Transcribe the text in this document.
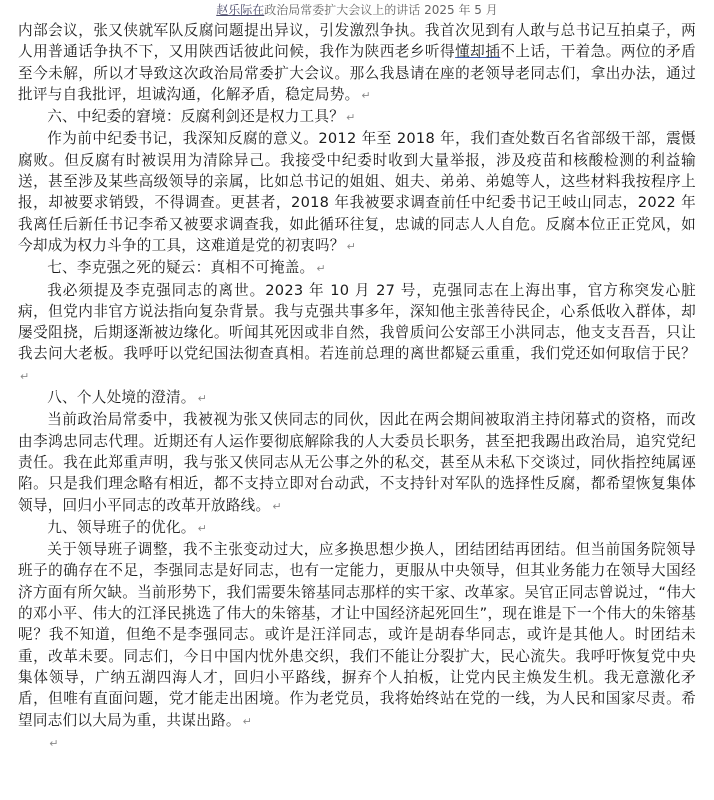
赵乐际在政治局常委扩大会议上的讲话 2025 年 5 月

内部会议，张又侠就军队反腐问题提出异议，引发激烈争执。我首次见到有人敢与总书记互拍桌子，两人用普通话争执不下，又用陕西话彼此问候，我作为陕西老乡听得懂却插不上话，干着急。两位的矛盾至今未解，所以才导致这次政治局常委扩大会议。那么我恳请在座的老领导老同志们，拿出办法，通过批评与自我批评，坦诚沟通，化解矛盾，稳定局势。 ↵

六、中纪委的窘境：反腐利剑还是权力工具？ ↵

作为前中纪委书记，我深知反腐的意义。2012 年至 2018 年，我们查处数百名省部级干部，震慑腐败。但反腐有时被误用为清除异己。我接受中纪委时收到大量举报，涉及疫苗和核酸检测的利益输送，甚至涉及某些高级领导的亲属，比如总书记的姐姐、姐夫、弟弟、弟媳等人，这些材料我按程序上报，却被要求销毁，不得调查。更甚者，2018 年我被要求调查前任中纪委书记王岐山同志，2022 年我离任后新任书记李希又被要求调查我，如此循环往复，忠诚的同志人人自危。反腐本位正正党风，如今却成为权力斗争的工具，这难道是党的初衷吗？ ↵

七、李克强之死的疑云：真相不可掩盖。 ↵

我必须提及李克强同志的离世。2023 年 10 月 27 号，克强同志在上海出事，官方称突发心脏病，但党内非官方说法指向复杂背景。我与克强共事多年，深知他主张善待民企，心系低收入群体，却屡受阻挠，后期逐渐被边缘化。听闻其死因或非自然，我曾质问公安部王小洪同志，他支支吾吾，只让我去问大老板。我呼吁以党纪国法彻查真相。若连前总理的离世都疑云重重，我们党还如何取信于民？↵

八、个人处境的澄清。 ↵

当前政治局常委中，我被视为张又侠同志的同伙，因此在两会期间被取消主持闭幕式的资格，而改由李鸿忠同志代理。近期还有人运作要彻底解除我的人大委员长职务，甚至把我踢出政治局，追究党纪责任。我在此郑重声明，我与张又侠同志从无公事之外的私交，甚至从未私下交谈过，同伙指控纯属诬陷。只是我们理念略有相近，都不支持立即对台动武，不支持针对军队的选择性反腐，都希望恢复集体领导，回归小平同志的改革开放路线。 ↵

九、领导班子的优化。 ↵

关于领导班子调整，我不主张变动过大，应多换思想少换人，团结团结再团结。但当前国务院领导班子的确存在不足，李强同志是好同志，也有一定能力，更服从中央领导，但其业务能力在领导大国经济方面有所欠缺。当前形势下，我们需要朱镕基同志那样的实干家、改革家。吴官正同志曾说过，“伟大的邓小平、伟大的江泽民挑选了伟大的朱镕基，才让中国经济起死回生”，现在谁是下一个伟大的朱镕基呢？我不知道，但绝不是李强同志。或许是汪洋同志，或许是胡春华同志，或许是其他人。时团结未重，改革未要。同志们，今日中国内忧外患交织，我们不能让分裂扩大，民心流失。我呼吁恢复党中央集体领导，广纳五湖四海人才，回归小平路线，摒弃个人拍板，让党内民主焕发生机。我无意激化矛盾，但唯有直面问题，党才能走出困境。作为老党员，我将始终站在党的一线，为人民和国家尽责。希望同志们以大局为重，共谋出路。 ↵

↵
